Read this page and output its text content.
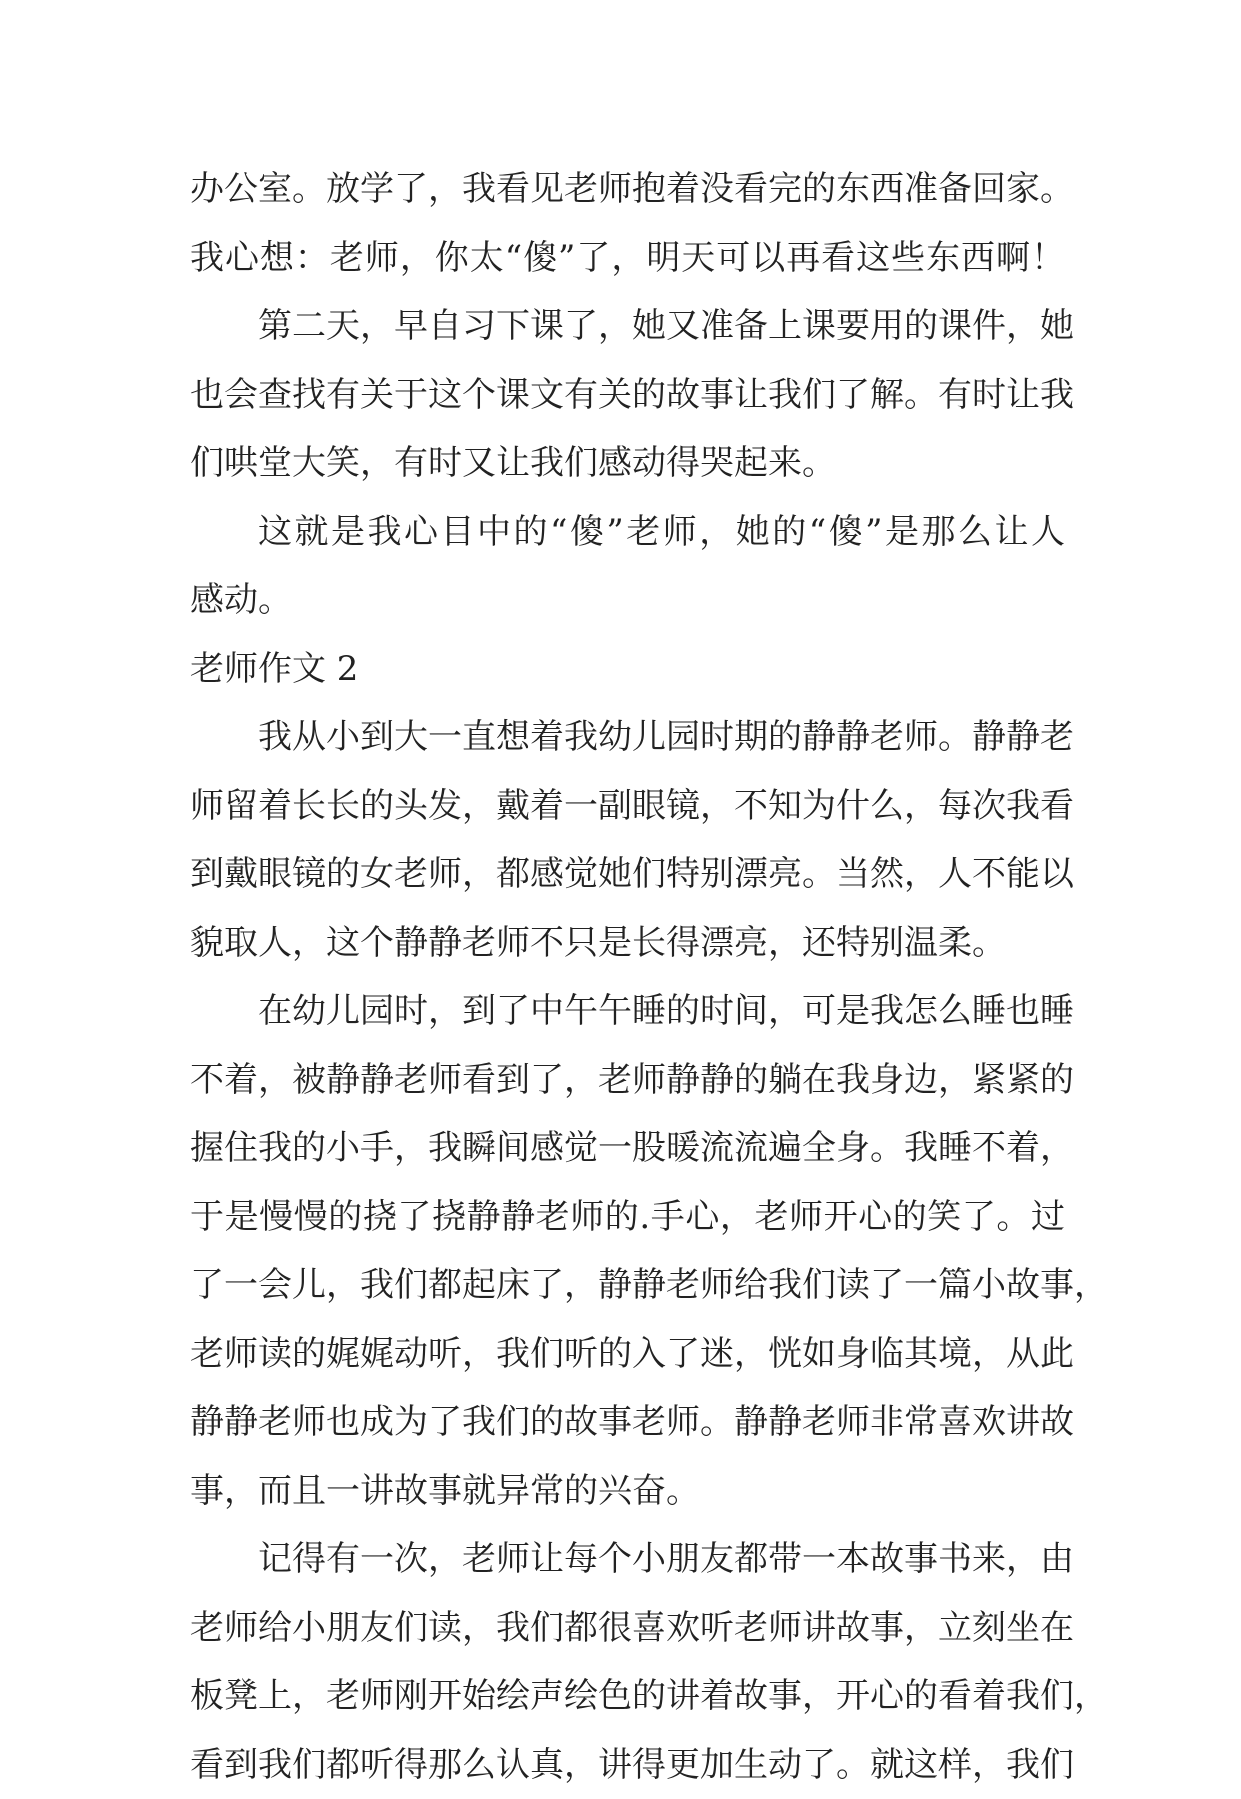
办公室。放学了，我看见老师抱着没看完的东西准备回家。
我心想：老师，你太“傻”了，明天可以再看这些东西啊！
第二天，早自习下课了，她又准备上课要用的课件，她
也会查找有关于这个课文有关的故事让我们了解。有时让我
们哄堂大笑，有时又让我们感动得哭起来。
这就是我心目中的“傻”老师，她的“傻”是那么让人
感动。
老师作文 2
我从小到大一直想着我幼儿园时期的静静老师。静静老
师留着长长的头发，戴着一副眼镜，不知为什么，每次我看
到戴眼镜的女老师，都感觉她们特别漂亮。当然，人不能以
貌取人，这个静静老师不只是长得漂亮，还特别温柔。
在幼儿园时，到了中午午睡的时间，可是我怎么睡也睡
不着，被静静老师看到了，老师静静的躺在我身边，紧紧的
握住我的小手，我瞬间感觉一股暖流流遍全身。我睡不着，
于是慢慢的挠了挠静静老师的.手心，老师开心的笑了。过
了一会儿，我们都起床了，静静老师给我们读了一篇小故事，
老师读的娓娓动听，我们听的入了迷，恍如身临其境，从此
静静老师也成为了我们的故事老师。静静老师非常喜欢讲故
事，而且一讲故事就异常的兴奋。
记得有一次，老师让每个小朋友都带一本故事书来，由
老师给小朋友们读，我们都很喜欢听老师讲故事，立刻坐在
板凳上，老师刚开始绘声绘色的讲着故事，开心的看着我们，
看到我们都听得那么认真，讲得更加生动了。就这样，我们
